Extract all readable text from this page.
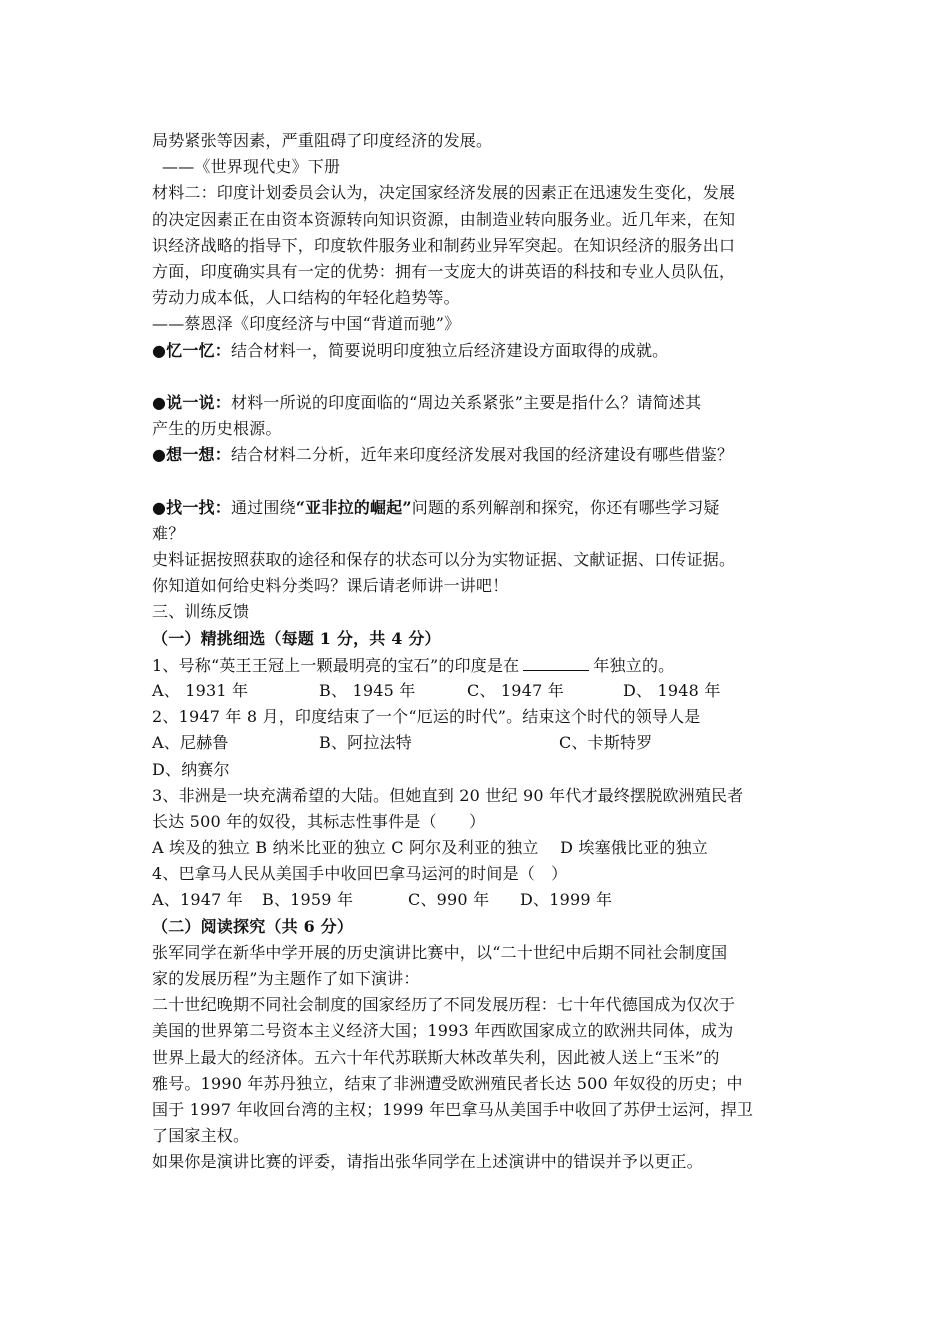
局势紧张等因素，严重阻碍了印度经济的发展。
——《世界现代史》下册
材料二：印度计划委员会认为，决定国家经济发展的因素正在迅速发生变化，发展
的决定因素正在由资本资源转向知识资源，由制造业转向服务业。近几年来，在知
识经济战略的指导下，印度软件服务业和制药业异军突起。在知识经济的服务出口
方面，印度确实具有一定的优势：拥有一支庞大的讲英语的科技和专业人员队伍，
劳动力成本低，人口结构的年轻化趋势等。
——蔡恩泽《印度经济与中国“背道而驰”》
●忆一忆：结合材料一，简要说明印度独立后经济建设方面取得的成就。
●说一说：材料一所说的印度面临的“周边关系紧张”主要是指什么？请简述其
产生的历史根源。
●想一想：结合材料二分析，近年来印度经济发展对我国的经济建设有哪些借鉴？
●找一找：通过围绕“亚非拉的崛起”问题的系列解剖和探究，你还有哪些学习疑
难？
史料证据按照获取的途径和保存的状态可以分为实物证据、文献证据、口传证据。
你知道如何给史料分类吗？课后请老师讲一讲吧！
三、训练反馈
（一）精挑细选（每题 1 分，共 4 分）
1、号称“英王王冠上一颗最明亮的宝石”的印度是在	年独立的。
A、 1931 年	B、 1945 年	C、 1947 年	D、 1948 年
2、1947 年 8 月，印度结束了一个“厄运的时代”。结束这个时代的领导人是
A、尼赫鲁	B、阿拉法特	C、卡斯特罗
D、纳赛尔
3、非洲是一块充满希望的大陆。但她直到 20 世纪 90 年代才最终摆脱欧洲殖民者
长达 500 年的奴役，其标志性事件是（　　）
A 埃及的独立 B 纳米比亚的独立 C 阿尔及利亚的独立　 D 埃塞俄比亚的独立
4、巴拿马人民从美国手中收回巴拿马运河的时间是（　）
A、1947 年	B、1959 年	C、990 年	D、1999 年
（二）阅读探究（共 6 分）
张军同学在新华中学开展的历史演讲比赛中，以“二十世纪中后期不同社会制度国
家的发展历程”为主题作了如下演讲：
二十世纪晚期不同社会制度的国家经历了不同发展历程：七十年代德国成为仅次于
美国的世界第二号资本主义经济大国；1993 年西欧国家成立的欧洲共同体，成为
世界上最大的经济体。五六十年代苏联斯大林改革失利，因此被人送上“玉米”的
雅号。1990 年苏丹独立，结束了非洲遭受欧洲殖民者长达 500 年奴役的历史；中
国于 1997 年收回台湾的主权；1999 年巴拿马从美国手中收回了苏伊士运河，捍卫
了国家主权。
如果你是演讲比赛的评委，请指出张华同学在上述演讲中的错误并予以更正。
